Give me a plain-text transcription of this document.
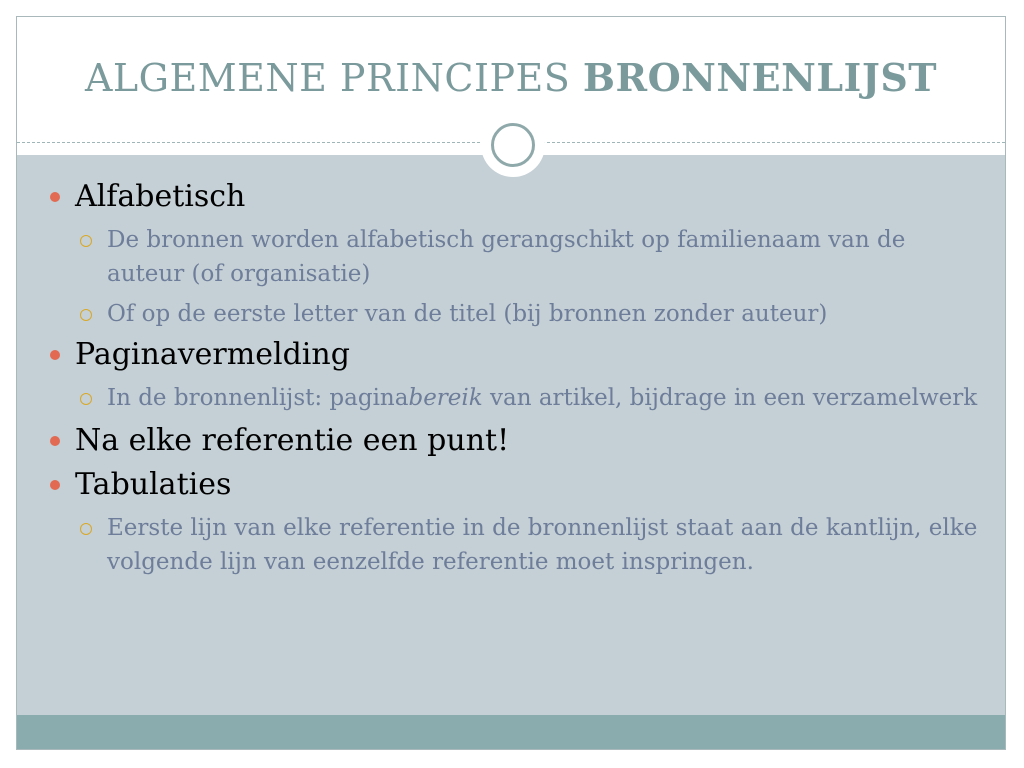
ALGEMENE PRINCIPES BRONNENLIJST
Alfabetisch
De bronnen worden alfabetisch gerangschikt op familienaam van de auteur (of organisatie)
Of op de eerste letter van de titel (bij bronnen zonder auteur)
Paginavermelding
In de bronnenlijst: paginabereik van artikel, bijdrage in een verzamelwerk
Na elke referentie een punt!
Tabulaties
Eerste lijn van elke referentie in de bronnenlijst staat aan de kantlijn, elke volgende lijn van eenzelfde referentie moet inspringen.
